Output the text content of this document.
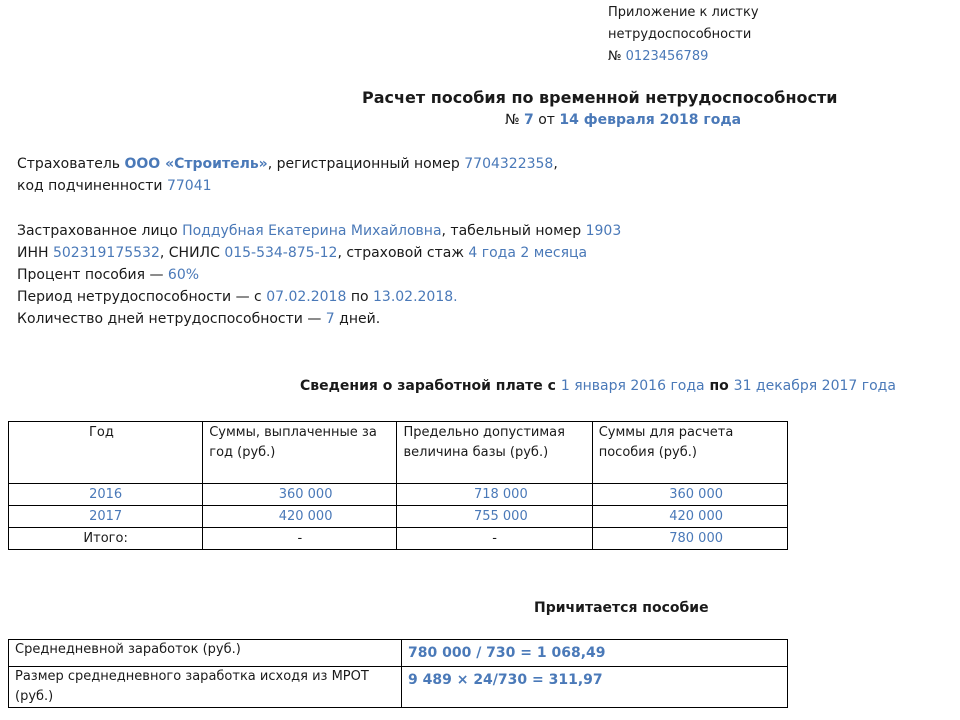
Приложение к листку
нетрудоспособности
№ 0123456789
Расчет пособия по временной нетрудоспособности
№ 7 от 14 февраля 2018 года
Страхователь ООО «Строитель», регистрационный номер 7704322358,
код подчиненности 77041
Застрахованное лицо Поддубная Екатерина Михайловна, табельный номер 1903
ИНН 502319175532, СНИЛС 015-534-875-12, страховой стаж 4 года 2 месяца
Процент пособия — 60%
Период нетрудоспособности — с 07.02.2018 по 13.02.2018.
Количество дней нетрудоспособности — 7 дней.
Сведения о заработной плате с 1 января 2016 года по 31 декабря 2017 года
Год	Суммы, выплаченные за год (руб.)	Предельно допустимая величина базы (руб.)	Суммы для расчета пособия (руб.)
2016	360 000	718 000	360 000
2017	420 000	755 000	420 000
Итого:	-	-	780 000
Причитается пособие
Среднедневной заработок (руб.)	780 000 / 730 = 1 068,49
Размер среднедневного заработка исходя из МРОТ (руб.)	9 489 × 24/730 = 311,97
